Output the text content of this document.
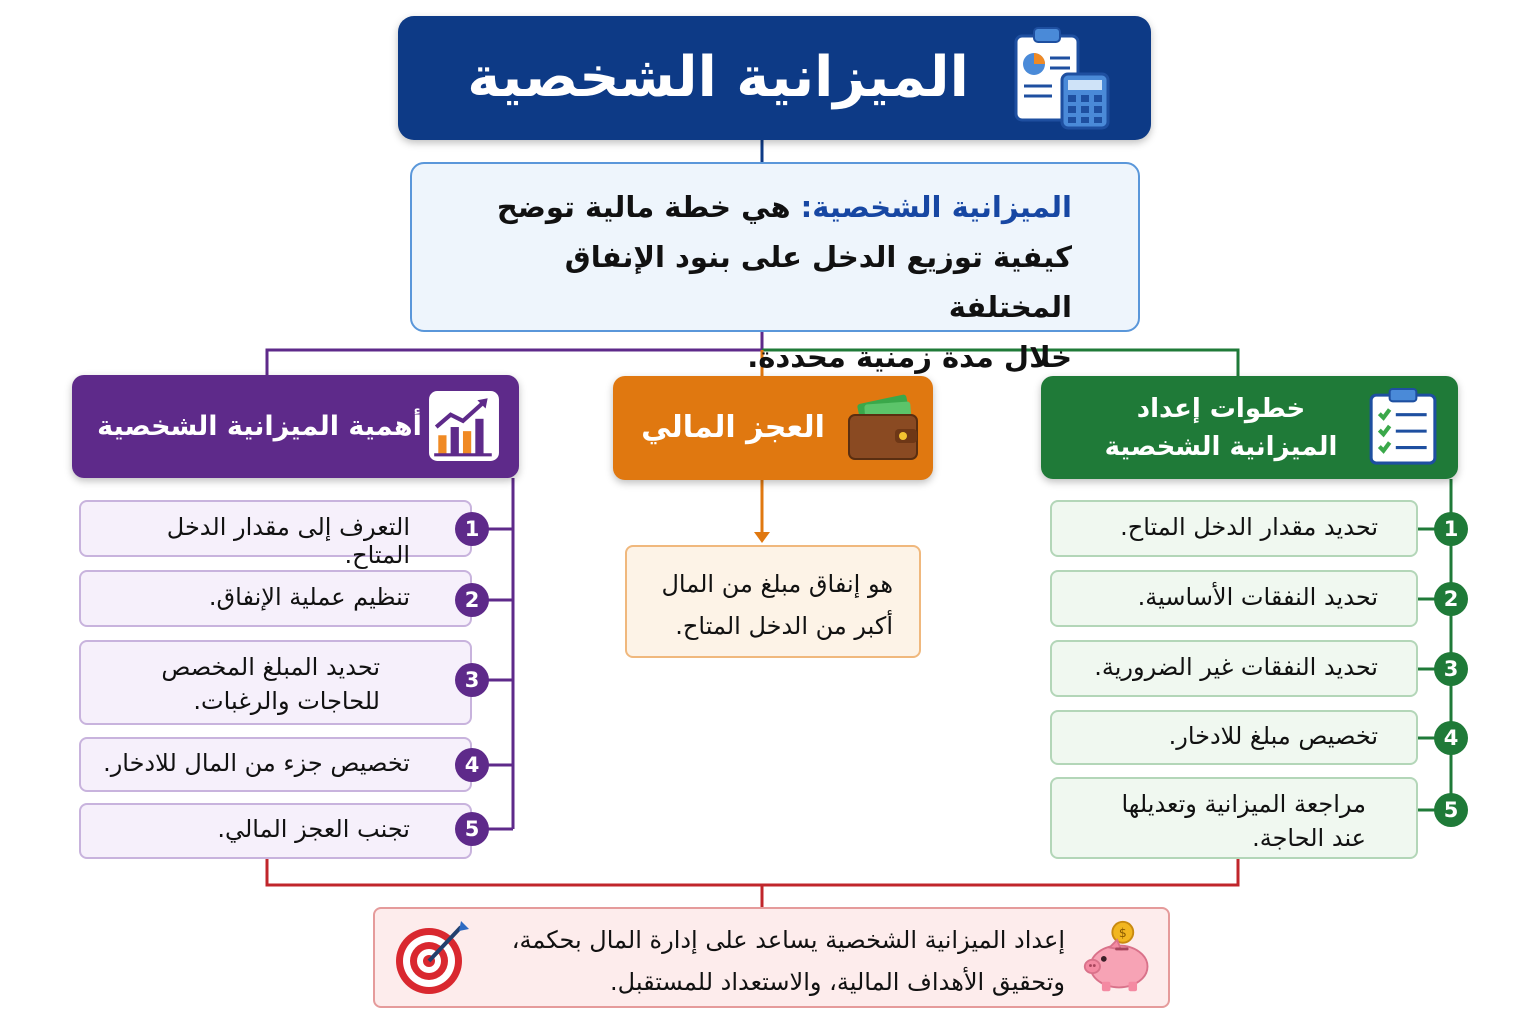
الميزانية الشخصية
الميزانية الشخصية: هي خطة مالية توضح
كيفية توزيع الدخل على بنود الإنفاق المختلفة
خلال مدة زمنية محددة.
أهمية الميزانية الشخصية	العجز المالي
خطوات إعداد
الميزانية الشخصية
التعرف إلى مقدار الدخل المتاح.
1
تنظيم عملية الإنفاق.	2
تحديد المبلغ المخصص
للحاجات والرغبات.
3
تخصيص جزء من المال للادخار.	4
تجنب العجز المالي.	5
هو إنفاق مبلغ من المال
أكبر من الدخل المتاح.
تحديد مقدار الدخل المتاح.	1
تحديد النفقات الأساسية.	2
تحديد النفقات غير الضرورية.	3
تخصيص مبلغ للادخار.	4
مراجعة الميزانية وتعديلها
عند الحاجة.
5
إعداد الميزانية الشخصية يساعد على إدارة المال بحكمة،
وتحقيق الأهداف المالية، والاستعداد للمستقبل.
$
